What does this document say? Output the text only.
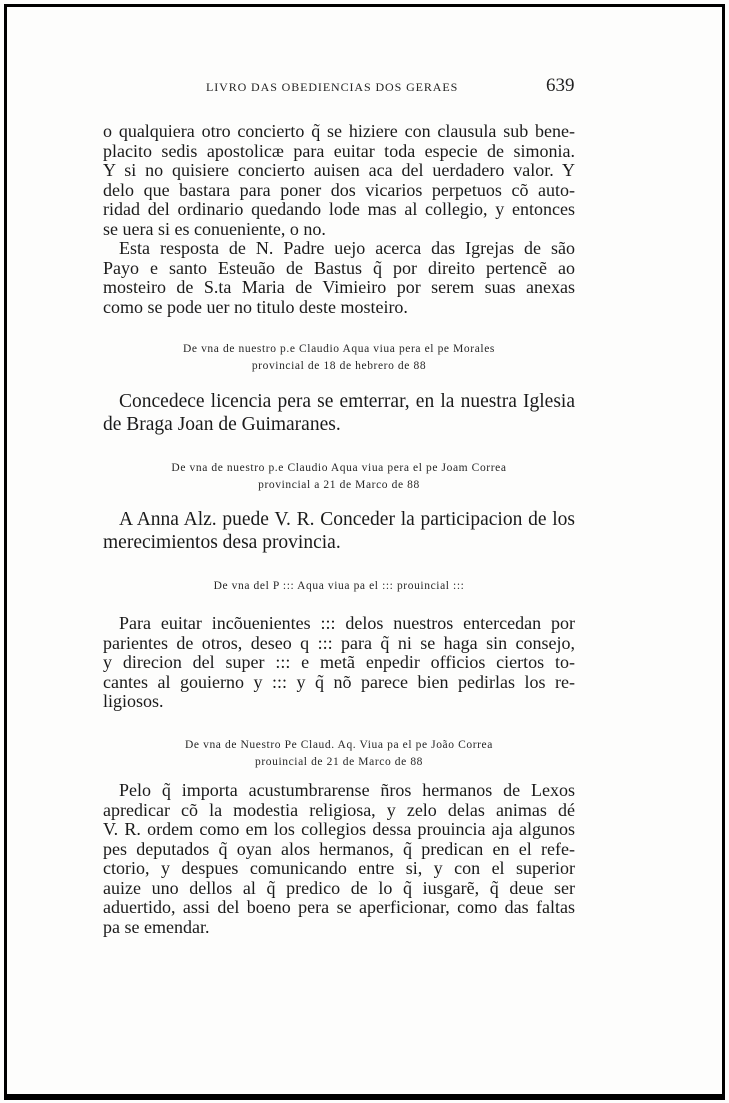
LIVRO DAS OBEDIENCIAS DOS GERAES	639
o qualquiera otro concierto q̃ se hiziere con clausula sub bene-
placito sedis apostolicæ para euitar toda especie de simonia.
Y si no quisiere concierto auisen aca del uerdadero valor. Y
delo que bastara para poner dos vicarios perpetuos cõ auto-
ridad del ordinario quedando lode mas al collegio, y entonces
se uera si es conueniente, o no.
Esta resposta de N. Padre uejo acerca das Igrejas de são
Payo e santo Esteuão de Bastus q̃ por direito pertencẽ ao
mosteiro de S.ta Maria de Vimieiro por serem suas anexas
como se pode uer no titulo deste mosteiro.
De vna de nuestro p.e Claudio Aqua viua pera el pe Morales
provincial de 18 de hebrero de 88
Concedece licencia pera se emterrar, en la nuestra Iglesia
de Braga Joan de Guimaranes.
De vna de nuestro p.e Claudio Aqua viua pera el pe Joam Correa
provincial a 21 de Marco de 88
A Anna Alz. puede V. R. Conceder la participacion de los
merecimientos desa provincia.
De vna del P ::: Aqua viua pa el ::: prouincial :::
Para euitar incõuenientes ::: delos nuestros entercedan por
parientes de otros, deseo q ::: para q̃ ni se haga sin consejo,
y direcion del super ::: e metã enpedir officios ciertos to-
cantes al gouierno y ::: y q̃ nõ parece bien pedirlas los re-
ligiosos.
De vna de Nuestro Pe Claud. Aq. Viua pa el pe João Correa
prouincial de 21 de Marco de 88
Pelo q̃ importa acustumbrarense ñros hermanos de Lexos
apredicar cõ la modestia religiosa, y zelo delas animas dé
V. R. ordem como em los collegios dessa prouincia aja algunos
pes deputados q̃ oyan alos hermanos, q̃ predican en el refe-
ctorio, y despues comunicando entre si, y con el superior
auize uno dellos al q̃ predico de lo q̃ iusgarẽ, q̃ deue ser
aduertido, assi del boeno pera se aperficionar, como das faltas
pa se emendar.
